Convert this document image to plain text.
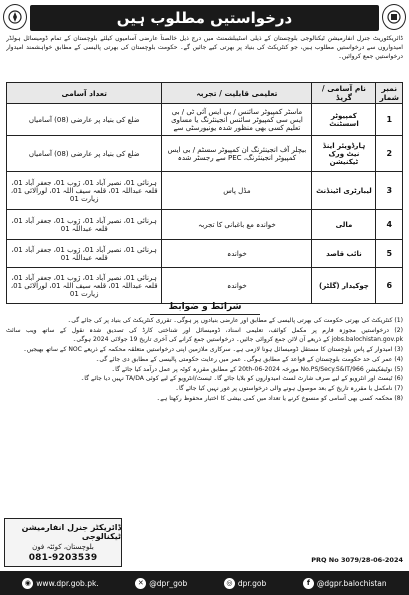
درخواستیں مطلوب ہیں
ڈائریکٹوریٹ جنرل انفارمیشن ٹیکنالوجی بلوچستان کے ذیلی اسٹیبلشمنٹ میں درج ذیل خالصتاً عارضی آسامیوں کیلئے بلوچستان کے تمام ڈومیسائل ہولڈر امیدواروں سے درخواستیں مطلوب ہیں، جو کنٹریکٹ کی بنیاد پر بھرتی کیے جائیں گے۔ حکومت بلوچستان کی بھرتی پالیسی کے مطابق خواہشمند امیدوار درخواستیں جمع کروائیں۔
نمبر شمار	نام آسامی / گریڈ	تعلیمی قابلیت / تجربہ	تعداد آسامی
1	کمپیوٹر اسسٹنٹ	ماسٹر کمپیوٹر سائنس / بی ایس آئی ٹی / بی ایس سی کمپیوٹر سائنس انجینئرنگ یا مساوی تعلیم کسی بھی منظور شدہ یونیورسٹی سے	ضلع کی بنیاد پر عارضی (08) آسامیاں
2	ہارڈویئر اینڈ نیٹ ورک ٹیکنیشن	بیچلر آف انجینئرنگ ان کمپیوٹر سسٹم / بی ایس کمپیوٹر انجینئرنگ، PEC سے رجسٹر شدہ	ضلع کی بنیاد پر عارضی (08) آسامیاں
3	لیبارٹری اٹینڈنٹ	مڈل پاس	ہرنائی 01، نصیر آباد 01، ژوب 01، جعفر آباد 01، قلعہ عبداللہ 01، قلعہ سیف اللہ 01، لورالائی 01، زیارت 01
4	مالی	خواندہ مع باغبانی کا تجربہ	ہرنائی 01، نصیر آباد 01، ژوب 01، جعفر آباد 01، قلعہ عبداللہ 01
5	نائب قاصد	خواندہ	ہرنائی 01، نصیر آباد 01، ژوب 01، جعفر آباد 01، قلعہ عبداللہ 01
6	چوکیدار (گلٹر)	خواندہ	ہرنائی 01، نصیر آباد 01، ژوب 01، جعفر آباد 01، قلعہ عبداللہ 01، قلعہ سیف اللہ 01، لورالائی 01، زیارت 01
شرائط و ضوابط

(1) کنٹریکٹ کی بھرتی حکومت کی بھرتی پالیسی کے مطابق اور عارضی بنیادوں پر ہوگی۔ تقرری کنٹریکٹ کی بنیاد پر کی جائے گی۔

(2) درخواستیں مجوزہ فارم پر مکمل کوائف، تعلیمی اسناد، ڈومیسائل اور شناختی کارڈ کی تصدیق شدہ نقول کے ساتھ ویب سائٹ jobs.balochistan.gov.pk کے ذریعے آن لائن جمع کروائی جائیں۔ درخواستیں جمع کرانے کی آخری تاریخ 19 جولائی 2024 ہوگی۔

(3) امیدوار کے پاس بلوچستان کا مستقل ڈومیسائل ہونا لازمی ہے۔ سرکاری ملازمین اپنی درخواستیں متعلقہ محکمہ کے ذریعے NOC کے ساتھ بھیجیں۔

(4) عمر کی حد حکومت بلوچستان کے قواعد کے مطابق ہوگی۔ عمر میں رعایت حکومتی پالیسی کے مطابق دی جائے گی۔

(5) نوٹیفکیشن No.PS/Secy.S&IT/966 مورخہ 20th-06-2024 کے مطابق مقررہ کوٹہ پر عمل درآمد کیا جائے گا۔

(6) ٹیسٹ اور انٹرویو کے لیے صرف شارٹ لسٹ امیدواروں کو بلایا جائے گا۔ ٹیسٹ/انٹرویو کے لیے کوئی TA/DA نہیں دیا جائے گا۔

(7) نامکمل یا مقررہ تاریخ کے بعد موصول ہونے والی درخواستوں پر غور نہیں کیا جائے گا۔

(8) محکمہ کسی بھی آسامی کو منسوخ کرنے یا تعداد میں کمی بیشی کا اختیار محفوظ رکھتا ہے۔

ڈائریکٹر جنرل انفارمیشن ٹیکنالوجی
بلوچستان، کوئٹہ فون
081-9203539	PRQ No 3079/28-06-2024
◉ www.dpr.gob.pk.	✕ @dpr_gob	◎ dpr.gob	f @dgpr.balochistan
